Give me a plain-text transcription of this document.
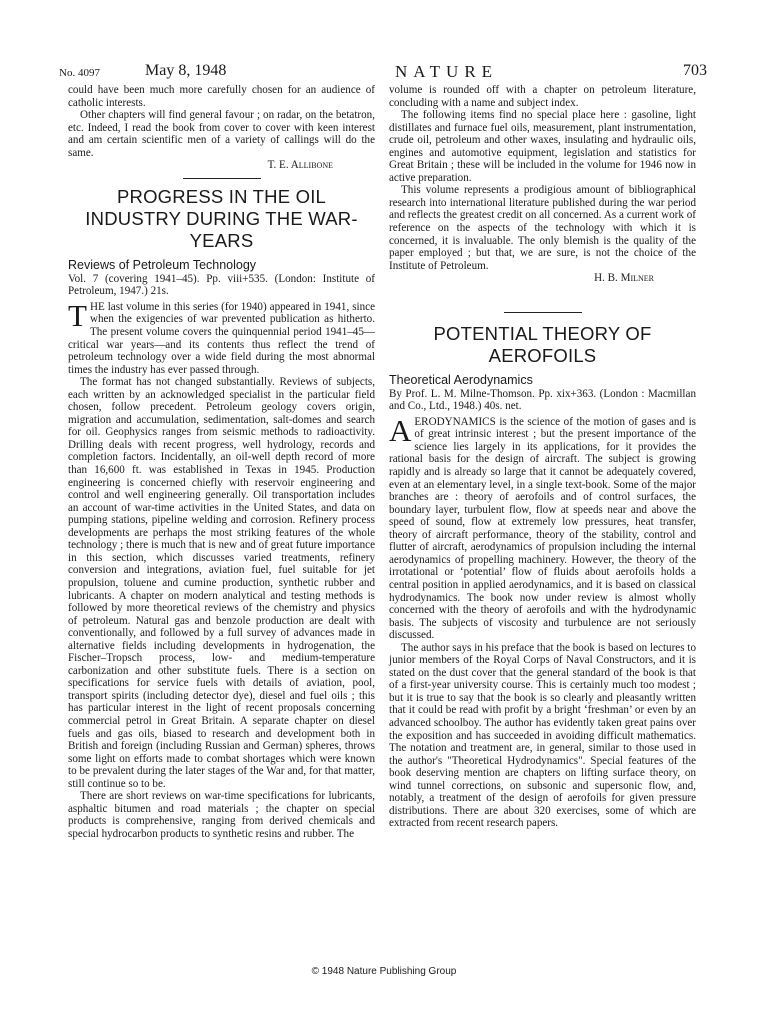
No. 4097	May 8, 1948	NATURE	703

could have been much more carefully chosen for an audience of catholic interests.

Other chapters will find general favour ; on radar, on the betatron, etc. Indeed, I read the book from cover to cover with keen interest and am certain scientific men of a variety of callings will do the same.

T. E. Allibone

PROGRESS IN THE OIL INDUSTRY DURING THE WAR-YEARS
Reviews of Petroleum Technology

Vol. 7 (covering 1941–45). Pp. viii+535. (London: Institute of Petroleum, 1947.) 21s.

THE last volume in this series (for 1940) appeared in 1941, since when the exigencies of war prevented publication as hitherto. The present volume covers the quinquennial period 1941–45—critical war years—and its contents thus reflect the trend of petroleum technology over a wide field during the most abnormal times the industry has ever passed through.

The format has not changed substantially. Reviews of subjects, each written by an acknowledged specialist in the particular field chosen, follow precedent. Petroleum geology covers origin, migration and accumulation, sedimentation, salt-domes and search for oil. Geophysics ranges from seismic methods to radioactivity. Drilling deals with recent progress, well hydrology, records and completion factors. Incidentally, an oil-well depth record of more than 16,600 ft. was established in Texas in 1945. Production engineering is concerned chiefly with reservoir engineering and control and well engineering generally. Oil transportation includes an account of war-time activities in the United States, and data on pumping stations, pipeline welding and corrosion. Refinery process developments are perhaps the most striking features of the whole technology ; there is much that is new and of great future importance in this section, which discusses varied treatments, refinery conversion and integrations, aviation fuel, fuel suitable for jet propulsion, toluene and cumine production, synthetic rubber and lubricants. A chapter on modern analytical and testing methods is followed by more theoretical reviews of the chemistry and physics of petroleum. Natural gas and benzole production are dealt with conventionally, and followed by a full survey of advances made in alternative fields including developments in hydrogenation, the Fischer–Tropsch process, low- and medium-temperature carbonization and other substitute fuels. There is a section on specifications for service fuels with details of aviation, pool, transport spirits (including detector dye), diesel and fuel oils ; this has particular interest in the light of recent proposals concerning commercial petrol in Great Britain. A separate chapter on diesel fuels and gas oils, biased to research and development both in British and foreign (including Russian and German) spheres, throws some light on efforts made to combat shortages which were known to be prevalent during the later stages of the War and, for that matter, still continue so to be.

There are short reviews on war-time specifications for lubricants, asphaltic bitumen and road materials ; the chapter on special products is comprehensive, ranging from derived chemicals and special hydrocarbon products to synthetic resins and rubber. The

volume is rounded off with a chapter on petroleum literature, concluding with a name and subject index.

The following items find no special place here : gasoline, light distillates and furnace fuel oils, measurement, plant instrumentation, crude oil, petroleum and other waxes, insulating and hydraulic oils, engines and automotive equipment, legislation and statistics for Great Britain ; these will be included in the volume for 1946 now in active preparation.

This volume represents a prodigious amount of bibliographical research into international literature published during the war period and reflects the greatest credit on all concerned. As a current work of reference on the aspects of the technology with which it is concerned, it is invaluable. The only blemish is the quality of the paper employed ; but that, we are sure, is not the choice of the Institute of Petroleum.

H. B. Milner

POTENTIAL THEORY OF AEROFOILS
Theoretical Aerodynamics

By Prof. L. M. Milne-Thomson. Pp. xix+363. (London : Macmillan and Co., Ltd., 1948.) 40s. net.

AERODYNAMICS is the science of the motion of gases and is of great intrinsic interest ; but the present importance of the science lies largely in its applications, for it provides the rational basis for the design of aircraft. The subject is growing rapidly and is already so large that it cannot be adequately covered, even at an elementary level, in a single text-book. Some of the major branches are : theory of aerofoils and of control surfaces, the boundary layer, turbulent flow, flow at speeds near and above the speed of sound, flow at extremely low pressures, heat transfer, theory of aircraft performance, theory of the stability, control and flutter of aircraft, aerodynamics of propulsion including the internal aerodynamics of propelling machinery. However, the theory of the irrotational or ‘potential’ flow of fluids about aerofoils holds a central position in applied aerodynamics, and it is based on classical hydrodynamics. The book now under review is almost wholly concerned with the theory of aerofoils and with the hydrodynamic basis. The subjects of viscosity and turbulence are not seriously discussed.

The author says in his preface that the book is based on lectures to junior members of the Royal Corps of Naval Constructors, and it is stated on the dust cover that the general standard of the book is that of a first-year university course. This is certainly much too modest ; but it is true to say that the book is so clearly and pleasantly written that it could be read with profit by a bright ‘freshman’ or even by an advanced schoolboy. The author has evidently taken great pains over the exposition and has succeeded in avoiding difficult mathematics. The notation and treatment are, in general, similar to those used in the author's "Theoretical Hydrodynamics". Special features of the book deserving mention are chapters on lifting surface theory, on wind tunnel corrections, on subsonic and supersonic flow, and, notably, a treatment of the design of aerofoils for given pressure distributions. There are about 320 exercises, some of which are extracted from recent research papers.

© 1948 Nature Publishing Group
